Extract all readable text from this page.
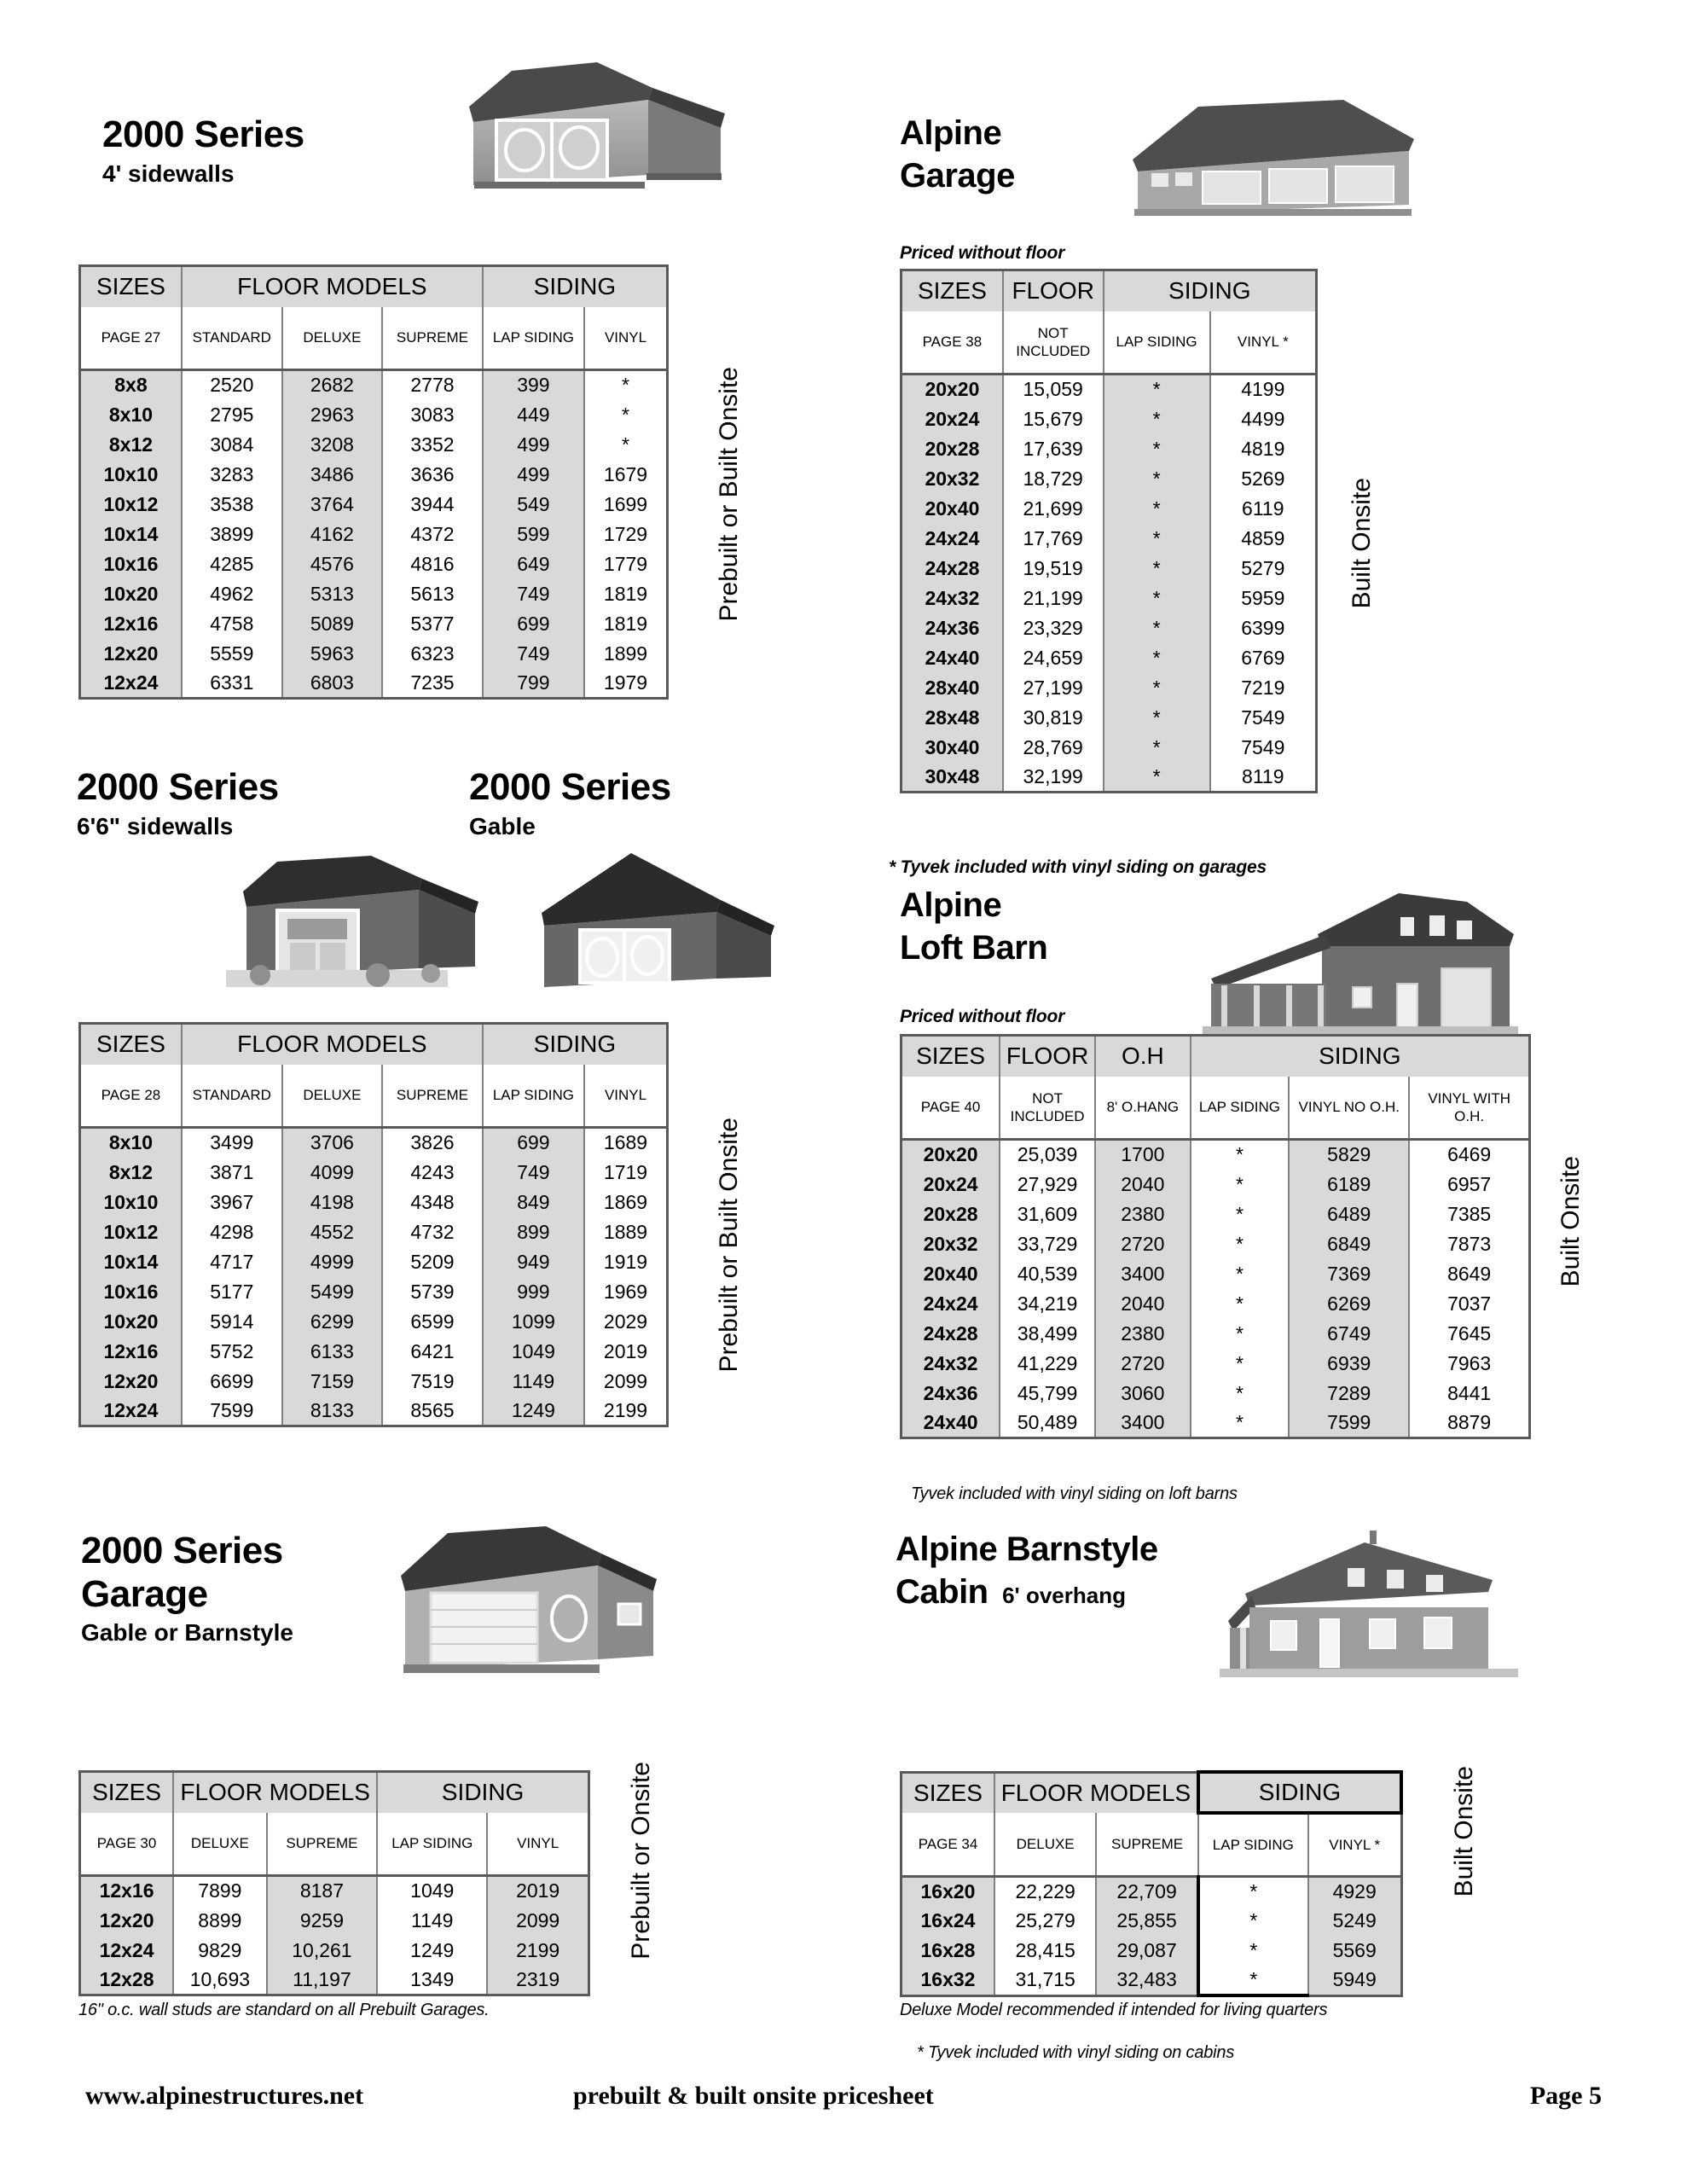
2000 Series
4' sidewalls
SIZES	FLOOR MODELS			SIDING	
PAGE 27	STANDARD	DELUXE	SUPREME	LAP SIDING	VINYL
8x8	2520	2682	2778	399	*
8x10	2795	2963	3083	449	*
8x12	3084	3208	3352	499	*
10x10	3283	3486	3636	499	1679
10x12	3538	3764	3944	549	1699
10x14	3899	4162	4372	599	1729
10x16	4285	4576	4816	649	1779
10x20	4962	5313	5613	749	1819
12x16	4758	5089	5377	699	1819
12x20	5559	5963	6323	749	1899
12x24	6331	6803	7235	799	1979
Prebuilt or Built Onsite
2000 Series
6'6" sidewalls
2000 Series
Gable
SIZES	FLOOR MODELS			SIDING	
PAGE 28	STANDARD	DELUXE	SUPREME	LAP SIDING	VINYL
8x10	3499	3706	3826	699	1689
8x12	3871	4099	4243	749	1719
10x10	3967	4198	4348	849	1869
10x12	4298	4552	4732	899	1889
10x14	4717	4999	5209	949	1919
10x16	5177	5499	5739	999	1969
10x20	5914	6299	6599	1099	2029
12x16	5752	6133	6421	1049	2019
12x20	6699	7159	7519	1149	2099
12x24	7599	8133	8565	1249	2199
Prebuilt or Built Onsite
2000 Series
Garage
Gable or Barnstyle
SIZES	FLOOR MODELS		SIDING	
PAGE 30	DELUXE	SUPREME	LAP SIDING	VINYL
12x16	7899	8187	1049	2019
12x20	8899	9259	1149	2099
12x24	9829	10,261	1249	2199
12x28	10,693	11,197	1349	2319
Prebuilt or Onsite
16" o.c. wall studs are standard on all Prebuilt Garages.
Alpine
Garage
Priced without floor
SIZES	FLOOR	SIDING	
PAGE 38	NOT INCLUDED	LAP SIDING	VINYL *
20x20	15,059	*	4199
20x24	15,679	*	4499
20x28	17,639	*	4819
20x32	18,729	*	5269
20x40	21,699	*	6119
24x24	17,769	*	4859
24x28	19,519	*	5279
24x32	21,199	*	5959
24x36	23,329	*	6399
24x40	24,659	*	6769
28x40	27,199	*	7219
28x48	30,819	*	7549
30x40	28,769	*	7549
30x48	32,199	*	8119
Built Onsite
* Tyvek included with vinyl siding on garages
Alpine
Loft Barn
Priced without floor
SIZES	FLOOR	O.H	SIDING		
PAGE 40	NOT INCLUDED	8' O.HANG	LAP SIDING	VINYL NO O.H.	VINYL WITH O.H.
20x20	25,039	1700	*	5829	6469
20x24	27,929	2040	*	6189	6957
20x28	31,609	2380	*	6489	7385
20x32	33,729	2720	*	6849	7873
20x40	40,539	3400	*	7369	8649
24x24	34,219	2040	*	6269	7037
24x28	38,499	2380	*	6749	7645
24x32	41,229	2720	*	6939	7963
24x36	45,799	3060	*	7289	8441
24x40	50,489	3400	*	7599	8879
Built Onsite
Tyvek included with vinyl siding on loft barns
Alpine Barnstyle
Cabin 6' overhang
SIZES	FLOOR MODELS		SIDING	
PAGE 34	DELUXE	SUPREME	LAP SIDING	VINYL *
16x20	22,229	22,709	*	4929
16x24	25,279	25,855	*	5249
16x28	28,415	29,087	*	5569
16x32	31,715	32,483	*	5949
Built Onsite
Deluxe Model recommended if intended for living quarters
* Tyvek included with vinyl siding on cabins
www.alpinestructures.net	prebuilt & built onsite pricesheet	Page 5
